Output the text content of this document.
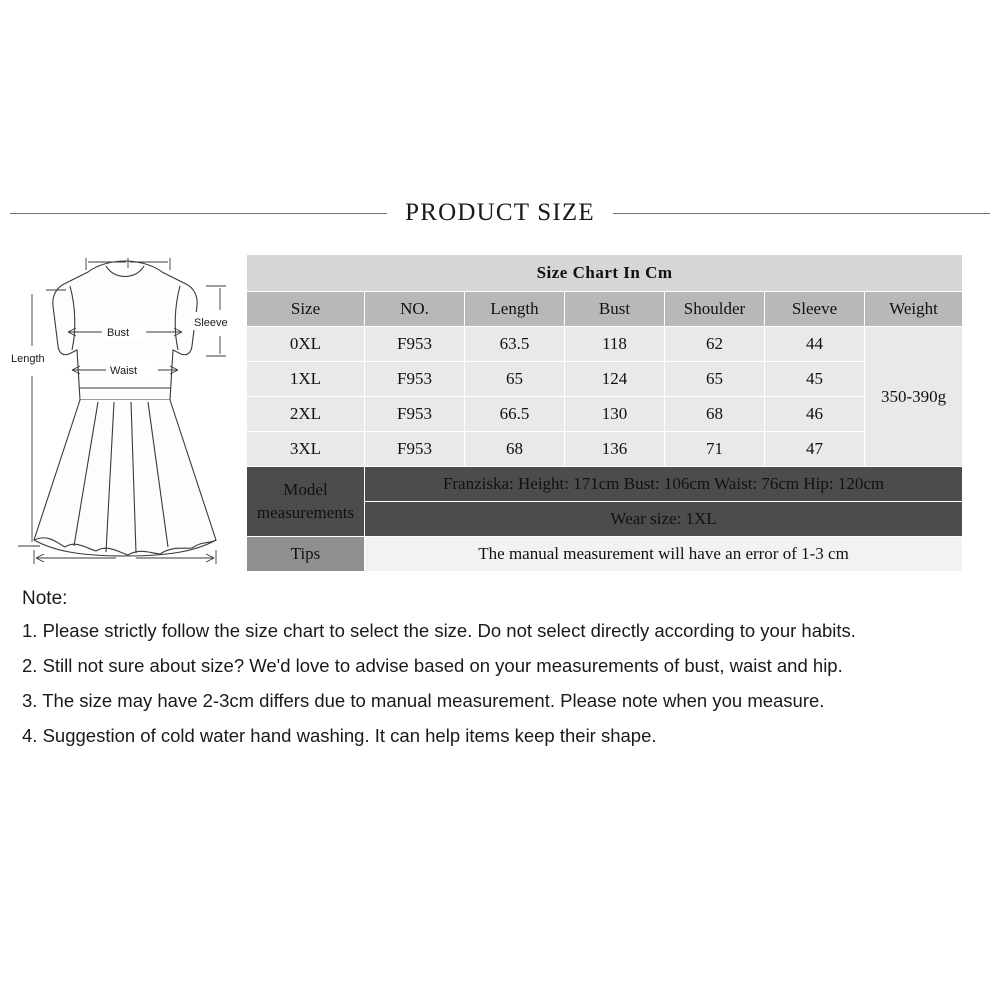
PRODUCT SIZE
Bust
Waist
Length
Sleeve
Size Chart In Cm						
Size	NO.	Length	Bust	Shoulder	Sleeve	Weight
0XL	F953	63.5	118	62	44	350-390g
1XL	F953	65	124	65	45	
2XL	F953	66.5	130	68	46	
3XL	F953	68	136	71	47	

Model
measurements	Franziska: Height: 171cm Bust: 106cm Waist: 76cm Hip: 120cm					
	Wear size: 1XL					
Tips	The manual measurement will have an error of 1-3 cm					
Note:
1. Please strictly follow the size chart to select the size. Do not select directly according to your habits.
2. Still not sure about size? We'd love to advise based on your measurements of bust, waist and hip.
3. The size may have 2-3cm differs due to manual measurement. Please note when you measure.
4. Suggestion of cold water hand washing. It can help items keep their shape.
